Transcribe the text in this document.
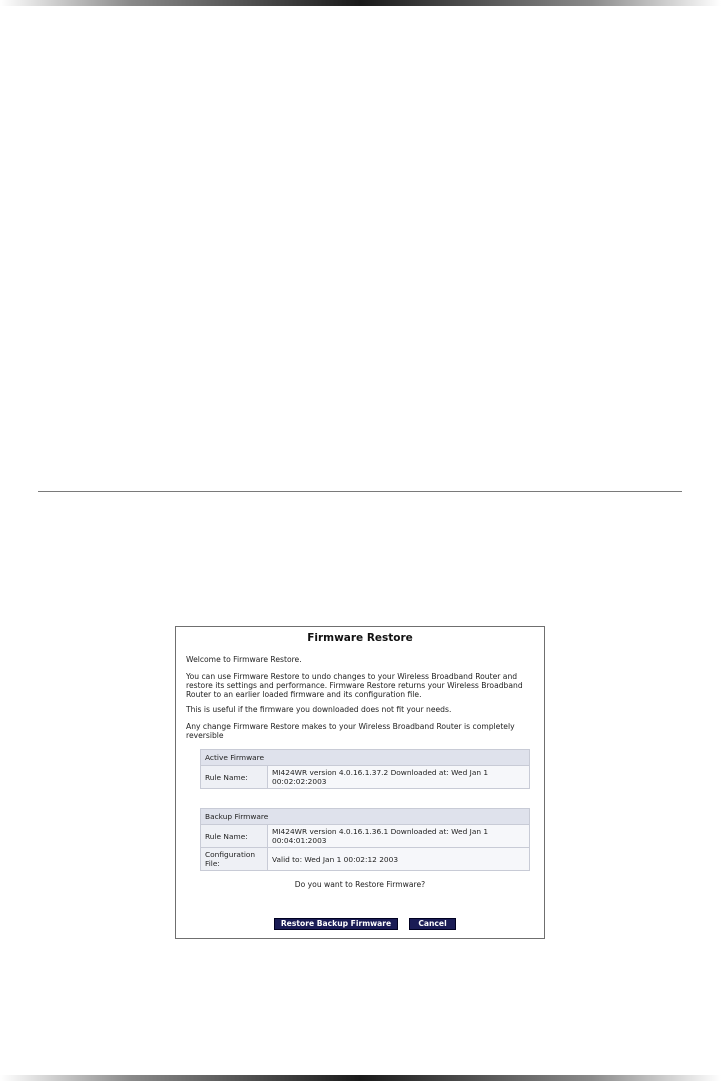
Firmware Restore
Welcome to Firmware Restore.
You can use Firmware Restore to undo changes to your Wireless Broadband Router and restore its settings and performance. Firmware Restore returns your Wireless Broadband Router to an earlier loaded firmware and its configuration file.
This is useful if the firmware you downloaded does not fit your needs.
Any change Firmware Restore makes to your Wireless Broadband Router is completely reversible
Active Firmware
Rule Name:	MI424WR version 4.0.16.1.37.2 Downloaded at: Wed Jan 1 00:02:02:2003
Backup Firmware	
Rule Name:	MI424WR version 4.0.16.1.36.1 Downloaded at: Wed Jan 1 00:04:01:2003
Configuration File:	Valid to: Wed Jan 1 00:02:12 2003
Do you want to Restore Firmware?
Restore Backup Firmware	Cancel
